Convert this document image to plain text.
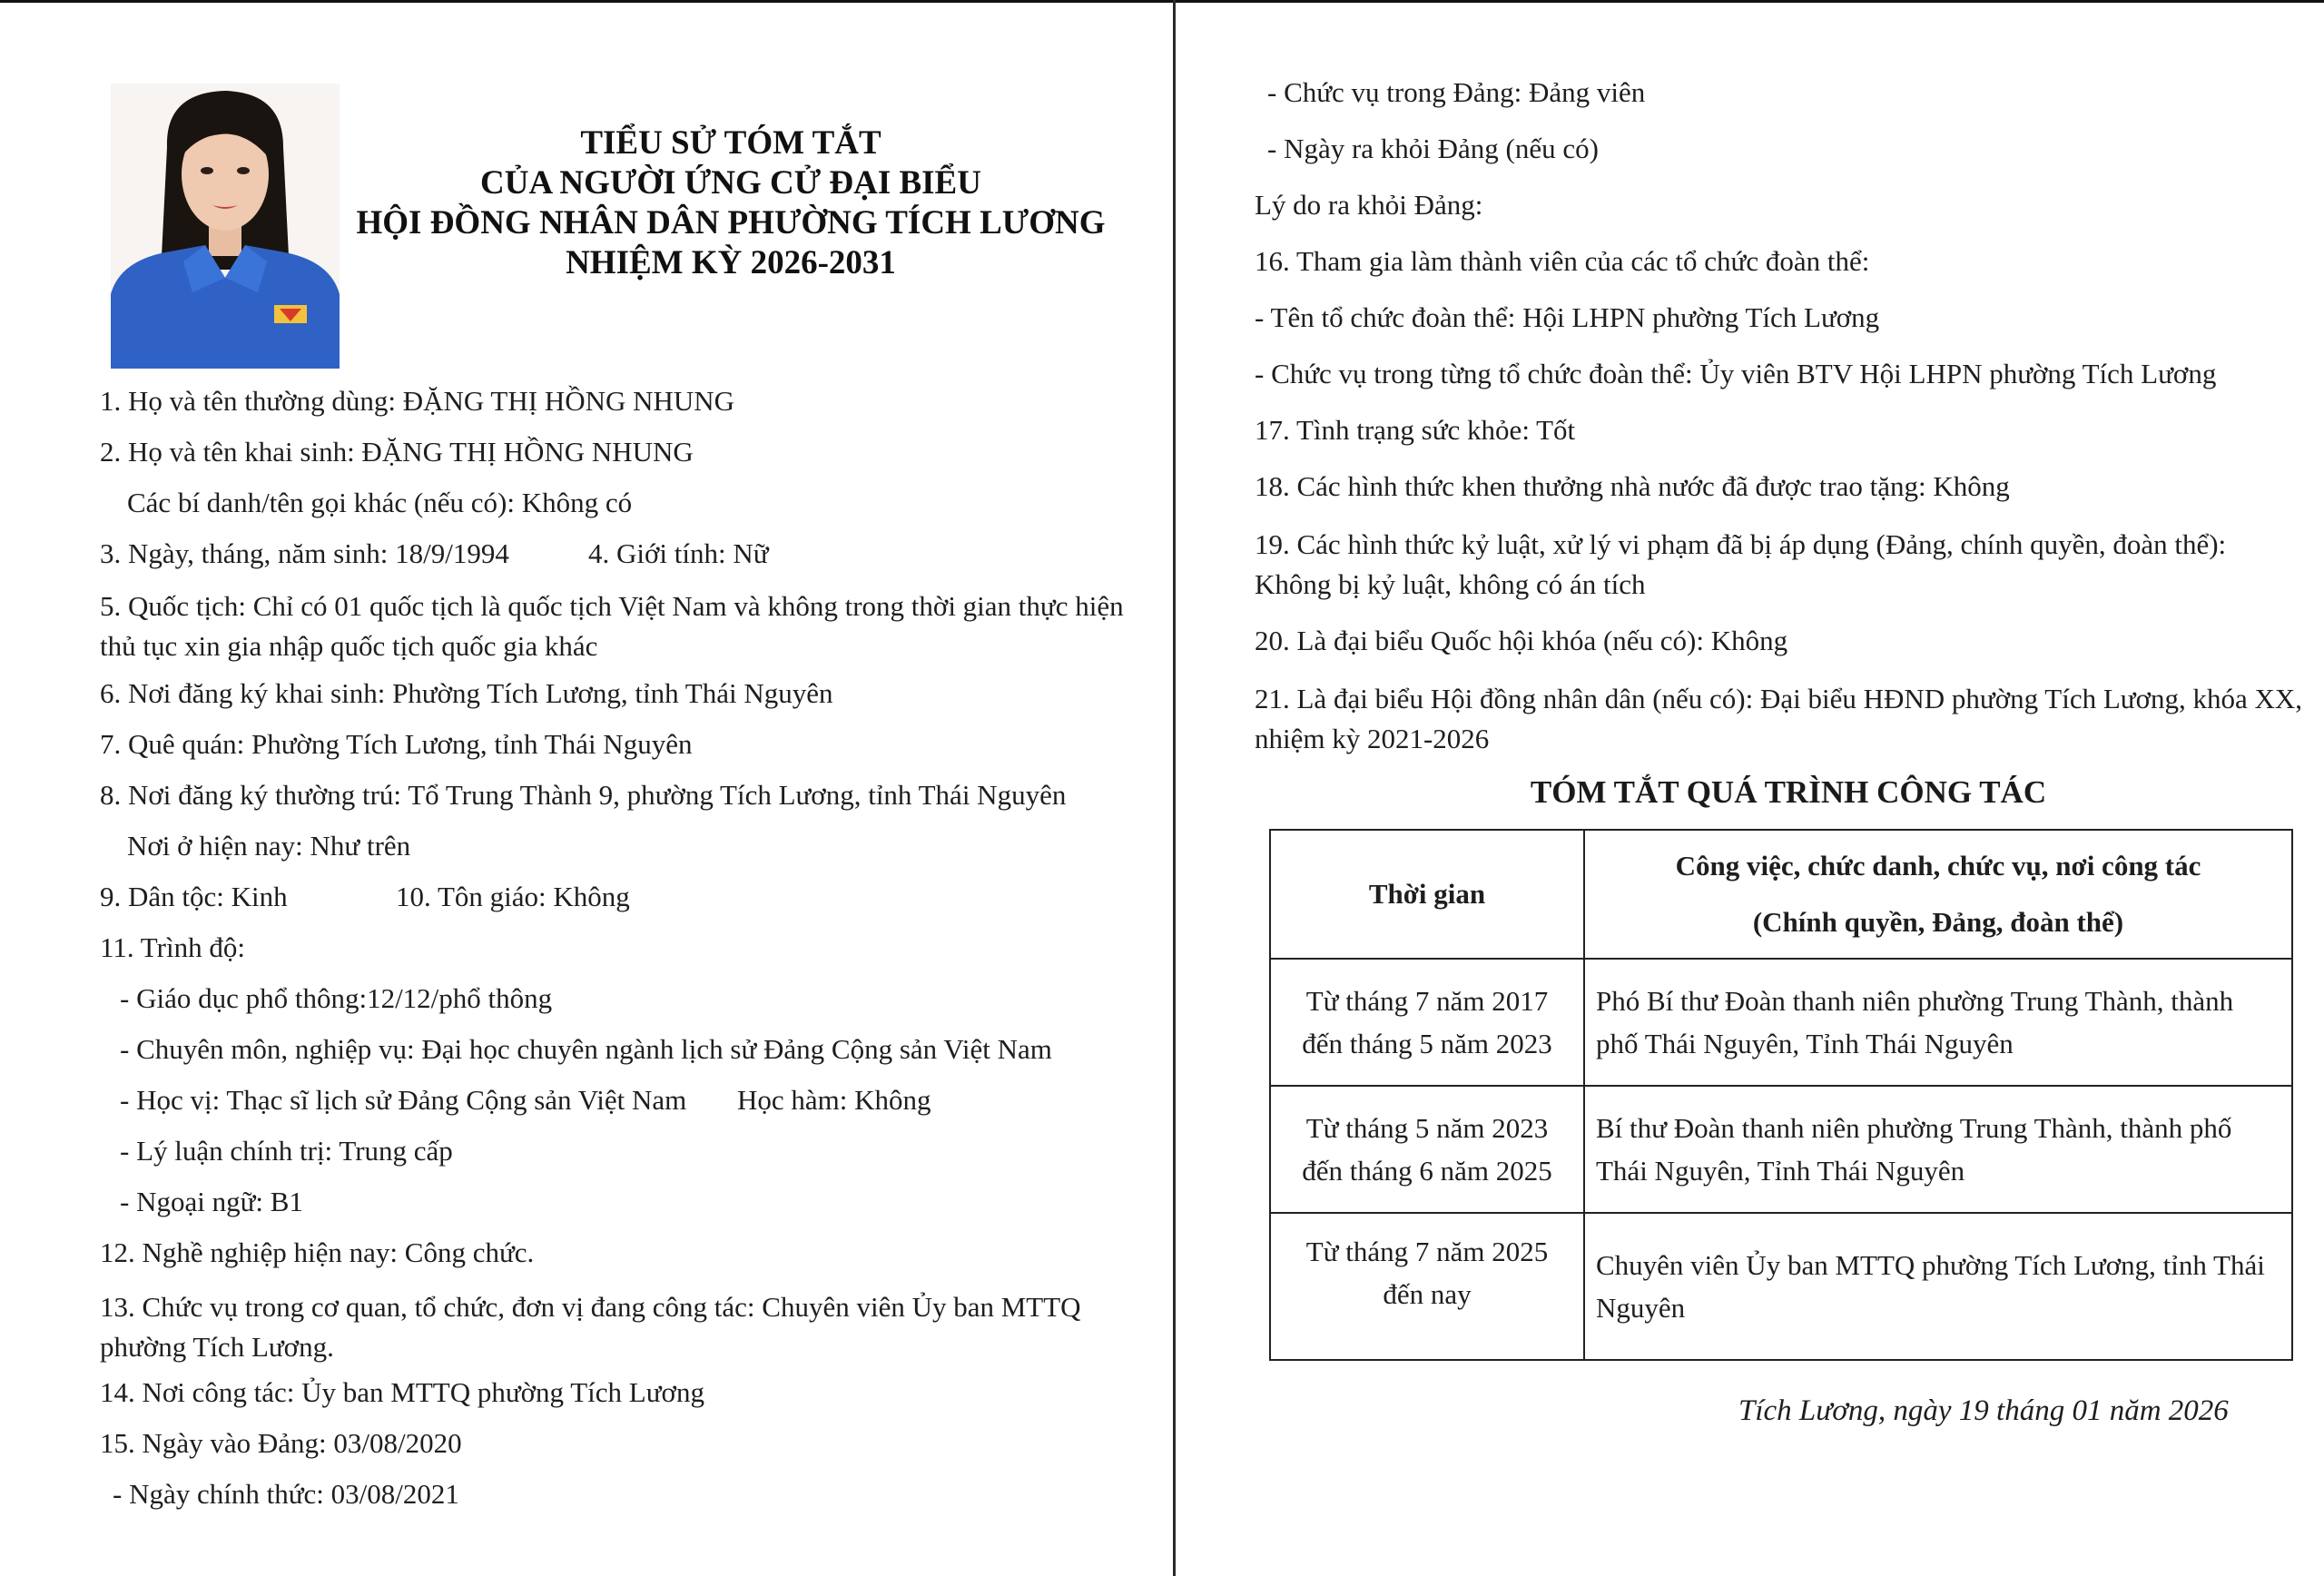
TIỂU SỬ TÓM TẮT
CỦA NGƯỜI ỨNG CỬ ĐẠI BIỂU
HỘI ĐỒNG NHÂN DÂN PHƯỜNG TÍCH LƯƠNG
NHIỆM KỲ 2026-2031
1. Họ và tên thường dùng: ĐẶNG THỊ HỒNG NHUNG
2. Họ và tên khai sinh: ĐẶNG THỊ HỒNG NHUNG
Các bí danh/tên gọi khác (nếu có): Không có
3. Ngày, tháng, năm sinh: 18/9/1994	4. Giới tính: Nữ
5. Quốc tịch: Chỉ có 01 quốc tịch là quốc tịch Việt Nam và không trong thời gian thực hiện thủ tục xin gia nhập quốc tịch quốc gia khác
6. Nơi đăng ký khai sinh: Phường Tích Lương, tỉnh Thái Nguyên
7. Quê quán: Phường Tích Lương, tỉnh Thái Nguyên
8. Nơi đăng ký thường trú: Tổ Trung Thành 9, phường Tích Lương, tỉnh Thái Nguyên
Nơi ở hiện nay: Như trên
9. Dân tộc: Kinh	10. Tôn giáo: Không
11. Trình độ:
- Giáo dục phổ thông:12/12/phổ thông
- Chuyên môn, nghiệp vụ: Đại học chuyên ngành lịch sử Đảng Cộng sản Việt Nam
- Học vị: Thạc sĩ lịch sử Đảng Cộng sản Việt Nam Học hàm: Không
- Lý luận chính trị: Trung cấp
- Ngoại ngữ: B1
12. Nghề nghiệp hiện nay: Công chức.
13. Chức vụ trong cơ quan, tổ chức, đơn vị đang công tác: Chuyên viên Ủy ban MTTQ phường Tích Lương.
14. Nơi công tác: Ủy ban MTTQ phường Tích Lương
15. Ngày vào Đảng: 03/08/2020
- Ngày chính thức: 03/08/2021
- Chức vụ trong Đảng: Đảng viên
- Ngày ra khỏi Đảng (nếu có)
Lý do ra khỏi Đảng:
16. Tham gia làm thành viên của các tổ chức đoàn thể:
- Tên tổ chức đoàn thể: Hội LHPN phường Tích Lương
- Chức vụ trong từng tổ chức đoàn thể: Ủy viên BTV Hội LHPN phường Tích Lương
17. Tình trạng sức khỏe: Tốt
18. Các hình thức khen thưởng nhà nước đã được trao tặng: Không
19. Các hình thức kỷ luật, xử lý vi phạm đã bị áp dụng (Đảng, chính quyền, đoàn thể): Không bị kỷ luật, không có án tích
20. Là đại biểu Quốc hội khóa (nếu có): Không
21. Là đại biểu Hội đồng nhân dân (nếu có): Đại biểu HĐND phường Tích Lương, khóa XX, nhiệm kỳ 2021-2026
TÓM TẮT QUÁ TRÌNH CÔNG TÁC
Thời gian	Công việc, chức danh, chức vụ, nơi công tác
(Chính quyền, Đảng, đoàn thể)

Từ tháng 7 năm 2017
đến tháng 5 năm 2023	Phó Bí thư Đoàn thanh niên phường Trung Thành, thành phố Thái Nguyên, Tỉnh Thái Nguyên

Từ tháng 5 năm 2023
đến tháng 6 năm 2025	Bí thư Đoàn thanh niên phường Trung Thành, thành phố Thái Nguyên, Tỉnh Thái Nguyên

Từ tháng 7 năm 2025
đến nay	Chuyên viên Ủy ban MTTQ phường Tích Lương, tỉnh Thái Nguyên
Tích Lương, ngày 19 tháng 01 năm 2026
